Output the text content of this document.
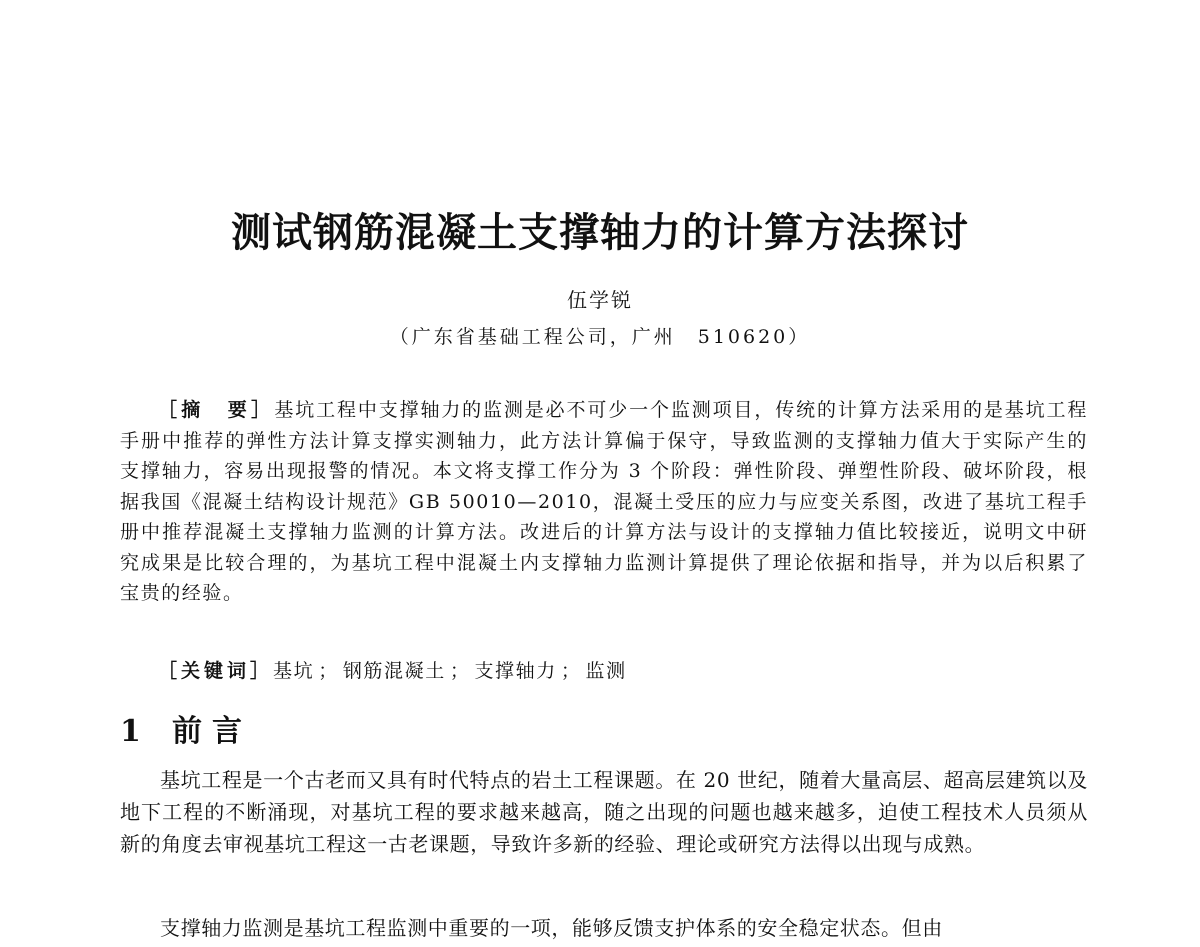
测试钢筋混凝土支撑轴力的计算方法探讨
伍学锐
（广东省基础工程公司，广州　510620）

［摘　要］基坑工程中支撑轴力的监测是必不可少一个监测项目，传统的计算方法采用的是基坑工程手册中推荐的弹性方法计算支撑实测轴力，此方法计算偏于保守，导致监测的支撑轴力值大于实际产生的支撑轴力，容易出现报警的情况。本文将支撑工作分为 3 个阶段：弹性阶段、弹塑性阶段、破坏阶段，根据我国《混凝土结构设计规范》GB 50010—2010，混凝土受压的应力与应变关系图，改进了基坑工程手册中推荐混凝土支撑轴力监测的计算方法。改进后的计算方法与设计的支撑轴力值比较接近，说明文中研究成果是比较合理的，为基坑工程中混凝土内支撑轴力监测计算提供了理论依据和指导，并为以后积累了宝贵的经验。

［关键词］基坑 ； 钢筋混凝土 ； 支撑轴力 ； 监测

1 前言

基坑工程是一个古老而又具有时代特点的岩土工程课题。在 20 世纪，随着大量高层、超高层建筑以及地下工程的不断涌现，对基坑工程的要求越来越高，随之出现的问题也越来越多，迫使工程技术人员须从新的角度去审视基坑工程这一古老课题，导致许多新的经验、理论或研究方法得以出现与成熟。

支撑轴力监测是基坑工程监测中重要的一项，能够反馈支护体系的安全稳定状态。但由
